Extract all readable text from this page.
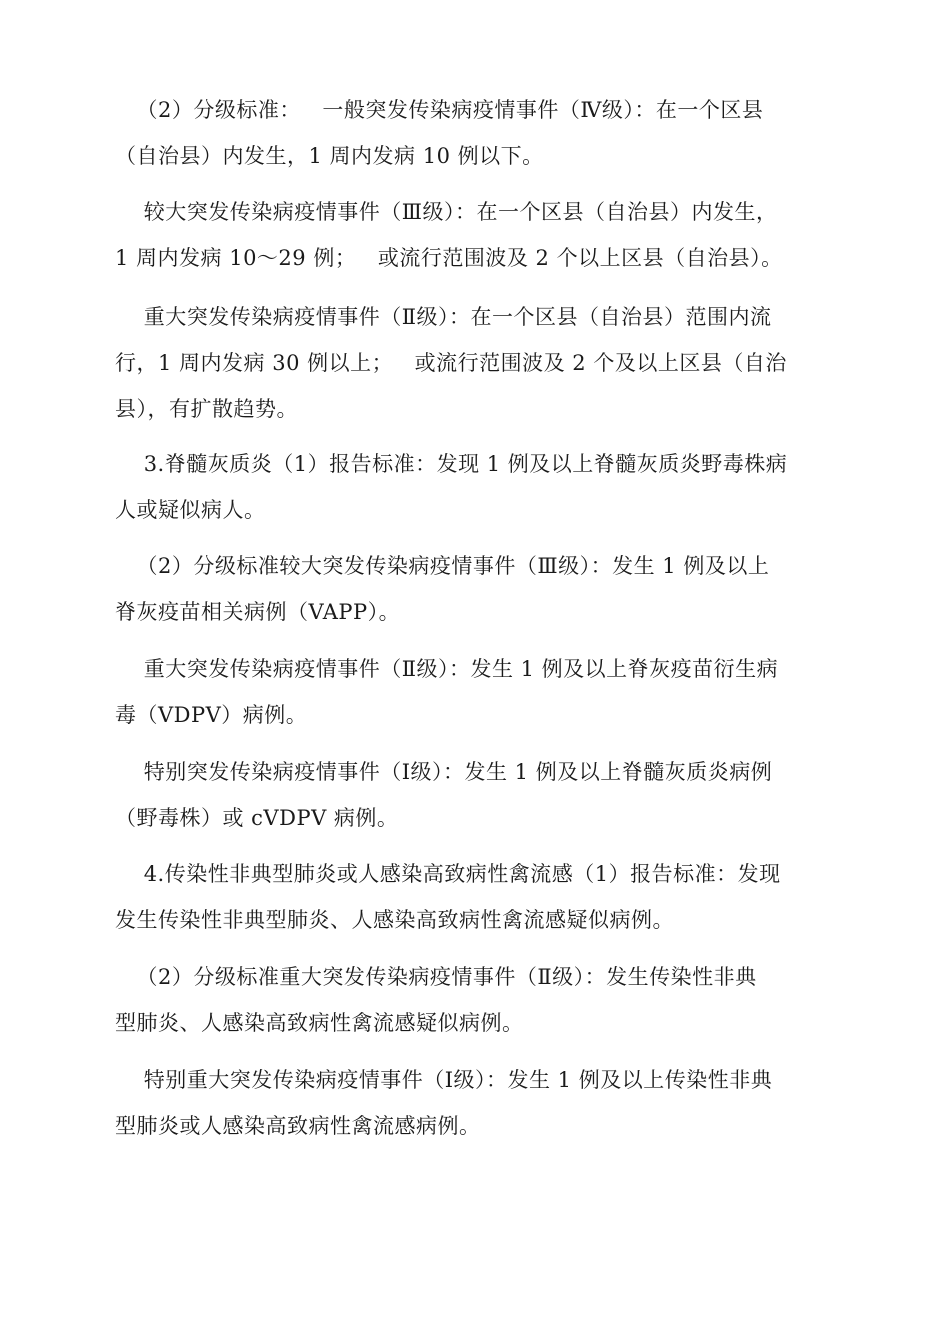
（2）分级标准：   一般突发传染病疫情事件（Ⅳ级）：在一个区县
（自治县）内发生，1 周内发病 10 例以下。
较大突发传染病疫情事件（Ⅲ级）：在一个区县（自治县）内发生，
1 周内发病 10～29 例；   或流行范围波及 2 个以上区县（自治县）。
重大突发传染病疫情事件（Ⅱ级）：在一个区县（自治县）范围内流
行，1 周内发病 30 例以上；   或流行范围波及 2 个及以上区县（自治
县），有扩散趋势。
3.脊髓灰质炎（1）报告标准：发现 1 例及以上脊髓灰质炎野毒株病
人或疑似病人。
（2）分级标准较大突发传染病疫情事件（Ⅲ级）：发生 1 例及以上
脊灰疫苗相关病例（VAPP）。
重大突发传染病疫情事件（Ⅱ级）：发生 1 例及以上脊灰疫苗衍生病
毒（VDPV）病例。
特别突发传染病疫情事件（Ⅰ级）：发生 1 例及以上脊髓灰质炎病例
（野毒株）或 cVDPV 病例。
4.传染性非典型肺炎或人感染高致病性禽流感（1）报告标准：发现
发生传染性非典型肺炎、人感染高致病性禽流感疑似病例。
（2）分级标准重大突发传染病疫情事件（Ⅱ级）：发生传染性非典
型肺炎、人感染高致病性禽流感疑似病例。
特别重大突发传染病疫情事件（Ⅰ级）：发生 1 例及以上传染性非典
型肺炎或人感染高致病性禽流感病例。
